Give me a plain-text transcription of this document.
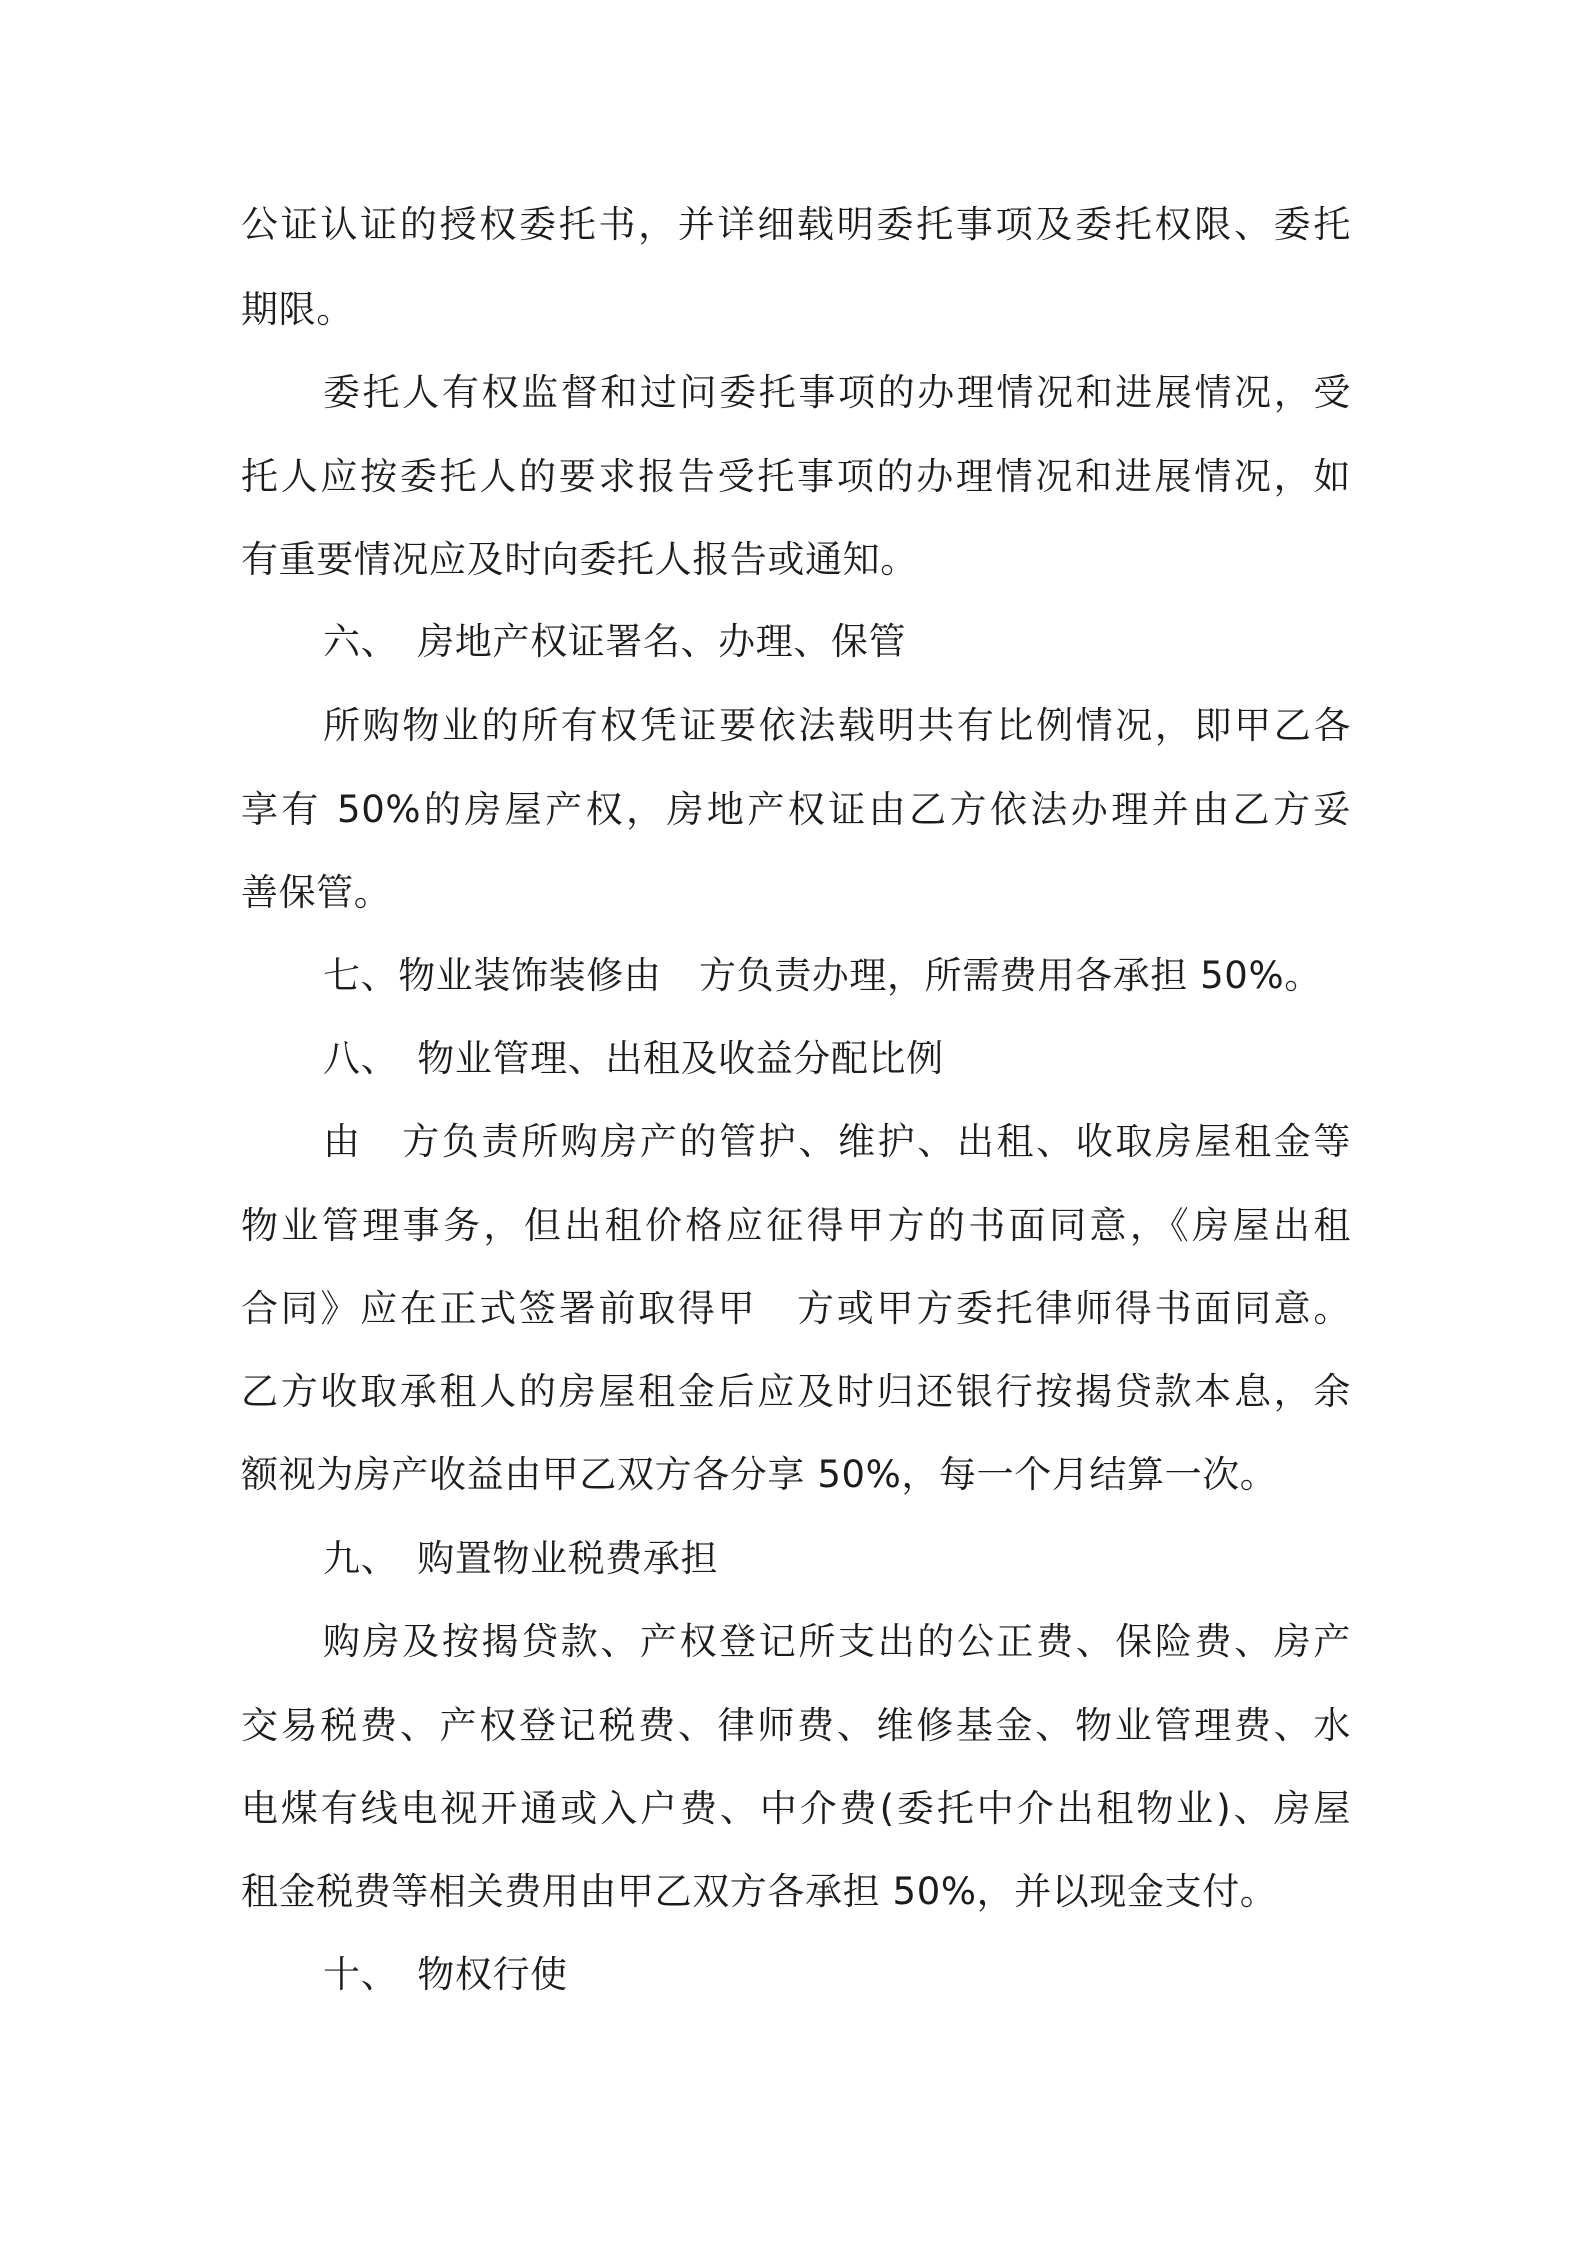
公证认证的授权委托书，并详细载明委托事项及委托权限、委托

期限。

委托人有权监督和过问委托事项的办理情况和进展情况，受

托人应按委托人的要求报告受托事项的办理情况和进展情况，如

有重要情况应及时向委托人报告或通知。

六、　房地产权证署名、办理、保管

所购物业的所有权凭证要依法载明共有比例情况，即甲乙各

享有 50%的房屋产权，房地产权证由乙方依法办理并由乙方妥

善保管。

七、物业装饰装修由　方负责办理，所需费用各承担 50%。

八、　物业管理、出租及收益分配比例

由　方负责所购房产的管护、维护、出租、收取房屋租金等

物业管理事务，但出租价格应征得甲方的书面同意，《房屋出租

合同》应在正式签署前取得甲　方或甲方委托律师得书面同意。

乙方收取承租人的房屋租金后应及时归还银行按揭贷款本息，余

额视为房产收益由甲乙双方各分享 50%，每一个月结算一次。

九、　购置物业税费承担

购房及按揭贷款、产权登记所支出的公正费、保险费、房产

交易税费、产权登记税费、律师费、维修基金、物业管理费、水

电煤有线电视开通或入户费、中介费(委托中介出租物业)、房屋

租金税费等相关费用由甲乙双方各承担 50%，并以现金支付。

十、　物权行使
